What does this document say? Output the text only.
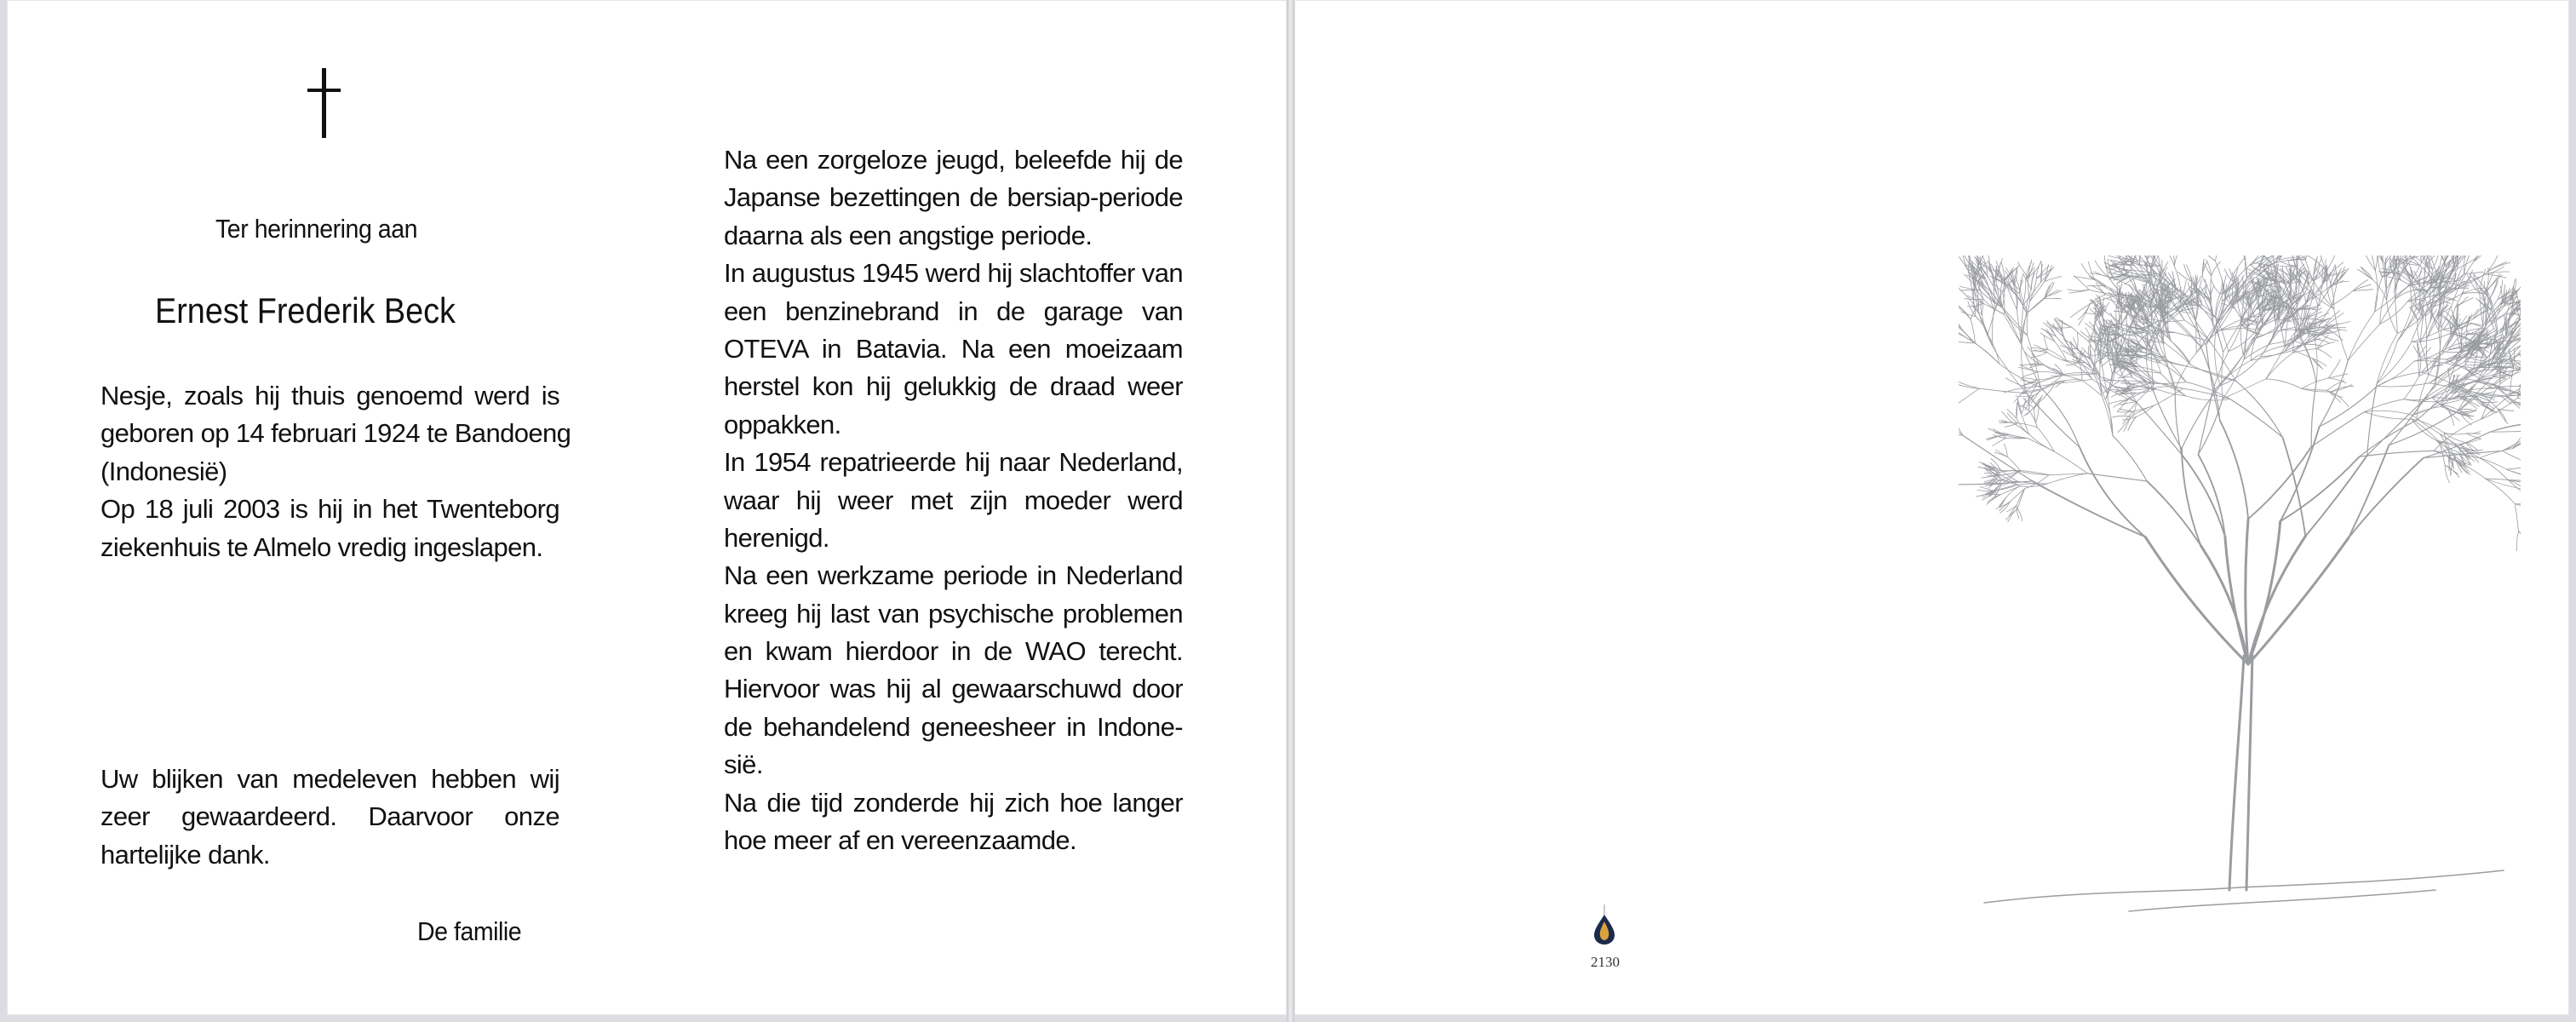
Ter herinnering aan
Ernest Frederik Beck
Nesje, zoals hij thuis genoemd werd is
geboren op 14 februari 1924 te Bandoeng
(Indonesië)
Op 18 juli 2003 is hij in het Twenteborg
ziekenhuis te Almelo vredig ingeslapen.
Uw blijken van medeleven hebben wij
zeer gewaardeerd. Daarvoor onze
hartelijke dank.
De familie
Na een zorgeloze jeugd, beleefde hij de
Japanse bezettingen de bersiap-periode
daarna als een angstige periode.
In augustus 1945 werd hij slachtoffer van
een benzinebrand in de garage van
OTEVA in Batavia. Na een moeizaam
herstel kon hij gelukkig de draad weer
oppakken.
In 1954 repatrieerde hij naar Nederland,
waar hij weer met zijn moeder werd
herenigd.
Na een werkzame periode in Nederland
kreeg hij last van psychische problemen
en kwam hierdoor in de WAO terecht.
Hiervoor was hij al gewaarschuwd door
de behandelend geneesheer in Indone-
sië.
Na die tijd zonderde hij zich hoe langer
hoe meer af en vereenzaamde.
2130
